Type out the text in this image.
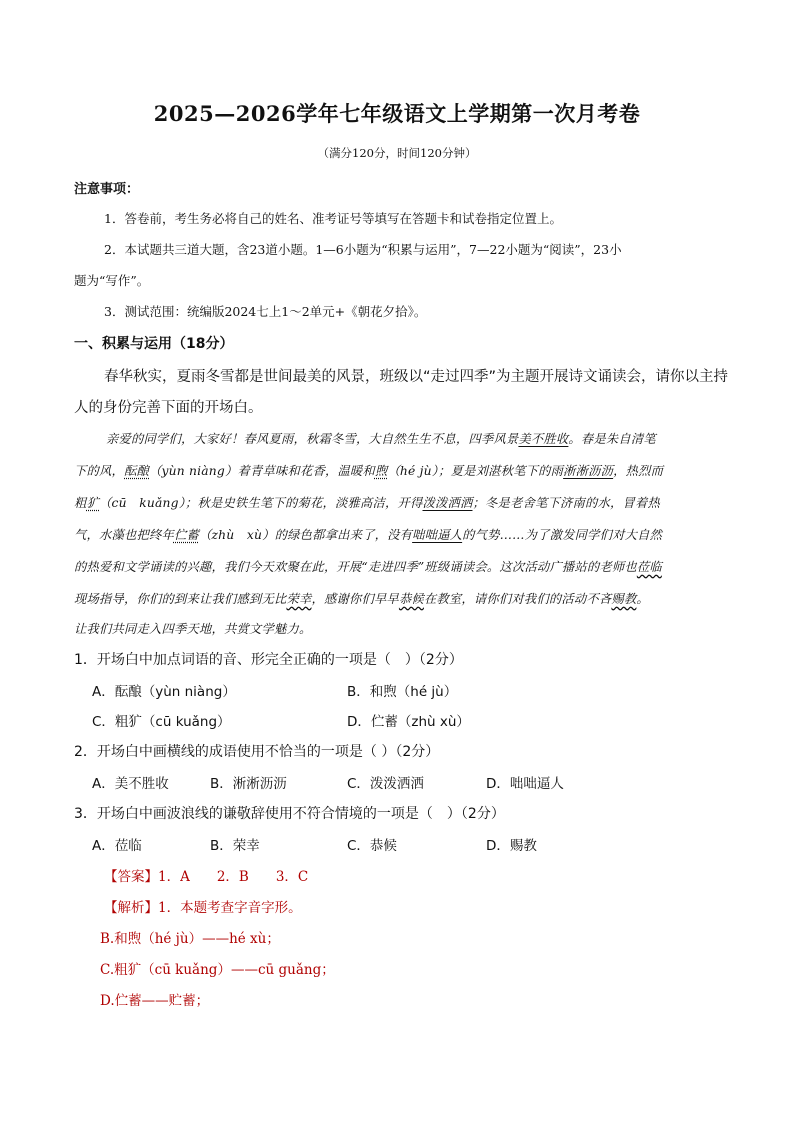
2025—2026学年七年级语文上学期第一次月考卷
（满分120分，时间120分钟）
注意事项：
1．答卷前，考生务必将自己的姓名、准考证号等填写在答题卡和试卷指定位置上。
2．本试题共三道大题，含23道小题。1—6小题为“积累与运用”，7—22小题为“阅读”，23小
题为“写作”。
3．测试范围：统编版2024七上1～2单元+《朝花夕拾》。
一、积累与运用（18分）
春华秋实，夏雨冬雪都是世间最美的风景，班级以“走过四季”为主题开展诗文诵读会，请你以主持
人的身份完善下面的开场白。
亲爱的同学们，大家好！春风夏雨，秋霜冬雪，大自然生生不息，四季风景美不胜收。春是朱自清笔
下的风，酝酿（yùn niàng）着青草味和花香，温暖和煦（hé jù）；夏是刘湛秋笔下的雨淅淅沥沥，热烈而
粗犷（cū　kuǎng）；秋是史铁生笔下的菊花，淡雅高洁，开得泼泼洒洒；冬是老舍笔下济南的水，冒着热
气，水藻也把终年伫蓄（zhù　xù）的绿色都拿出来了，没有咄咄逼人的气势……为了激发同学们对大自然
的热爱和文学诵读的兴趣，我们今天欢聚在此，开展“走进四季”班级诵读会。这次活动广播站的老师也莅临
现场指导，你们的到来让我们感到无比荣幸，感谢你们早早恭候在教室，请你们对我们的活动不吝赐教。
让我们共同走入四季天地，共赏文学魅力。
1．开场白中加点词语的音、形完全正确的一项是（　）（2分）
A．酝酿（yùn niàng）	B．和煦（hé jù）
C．粗犷（cū kuǎng）	D．伫蓄（zhù xù）
2．开场白中画横线的成语使用不恰当的一项是（ ）（2分）
A．美不胜收	B．淅淅沥沥	C．泼泼洒洒	D．咄咄逼人
3．开场白中画波浪线的谦敬辞使用不符合情境的一项是（　）（2分）
A．莅临	B．荣幸	C．恭候	D．赐教
【答案】1．A　　2．B　　3．C
【解析】1．本题考查字音字形。
B.和煦（hé jù）——hé xù；
C.粗犷（cū kuǎng）——cū guǎng；
D.伫蓄——贮蓄；
